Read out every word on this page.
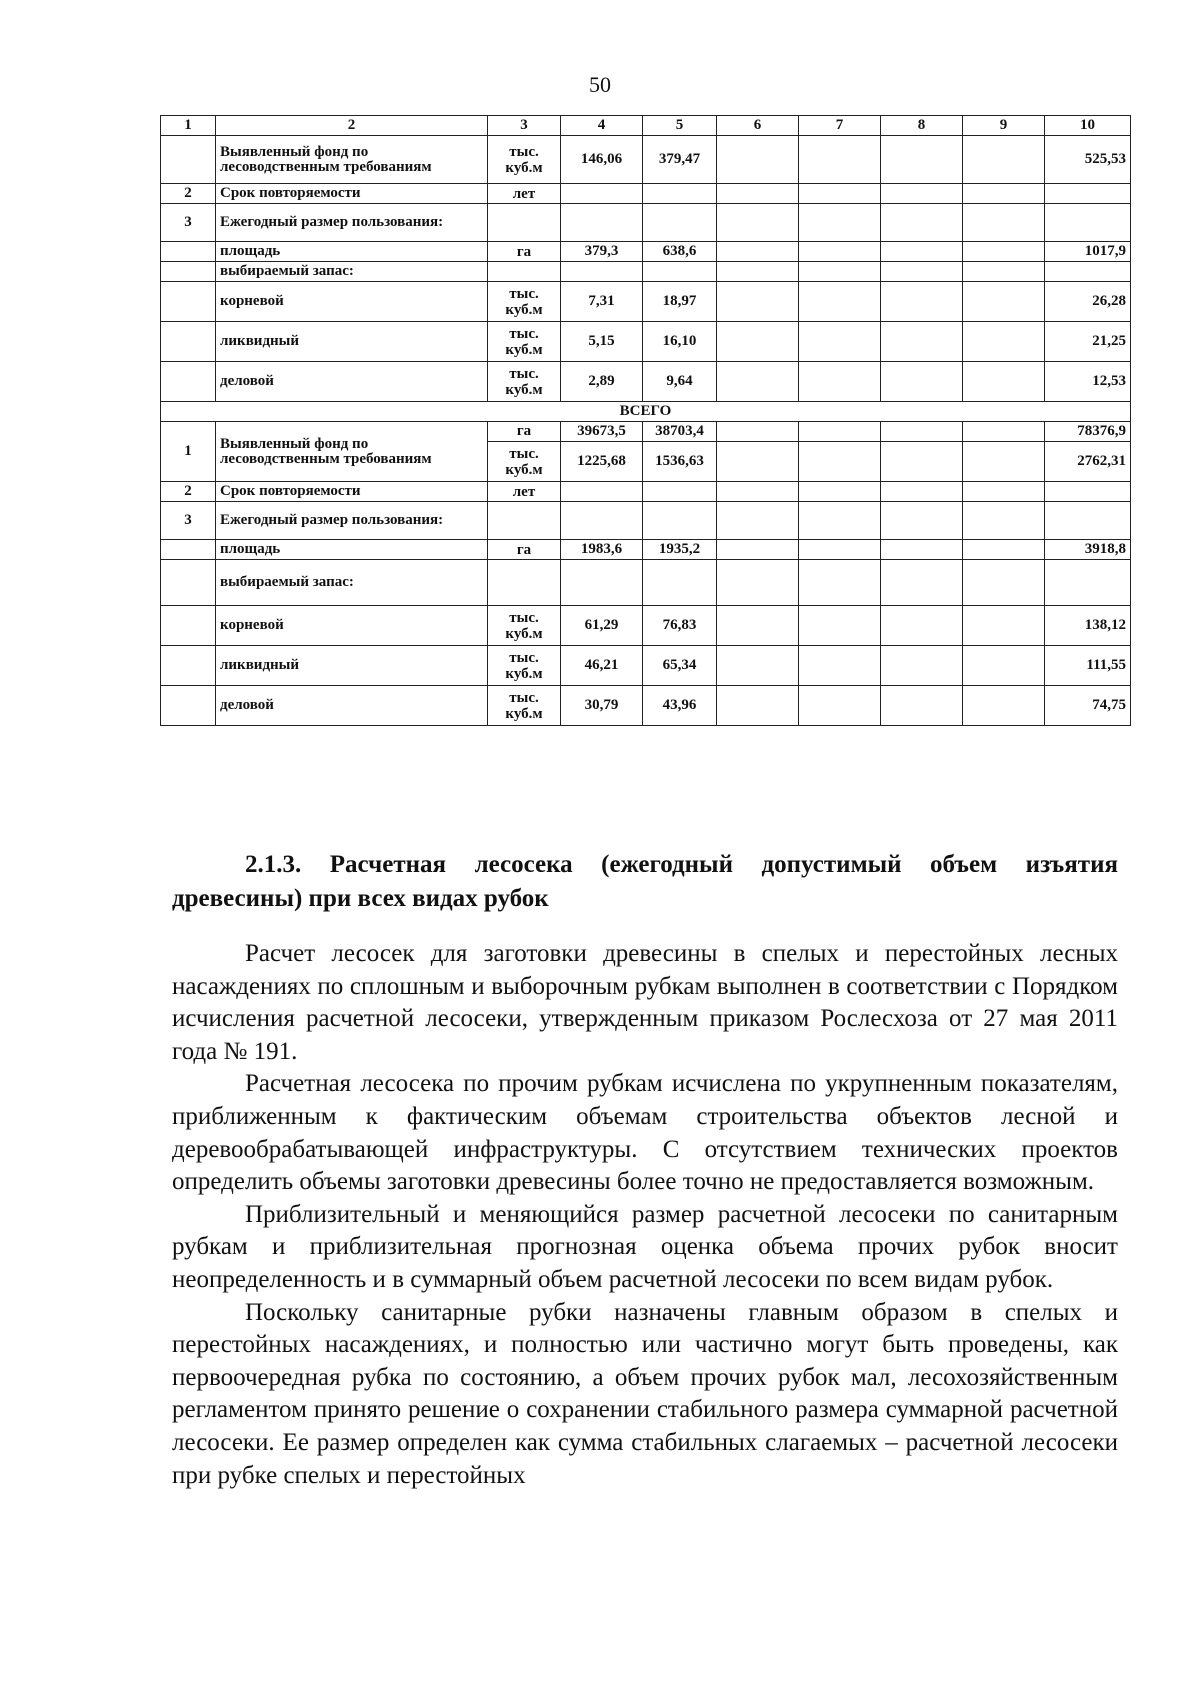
50
1	2	3	4	5	6	7	8	9	10
	Выявленный фонд по лесоводственным требованиям	тыс. куб.м	146,06	379,47					525,53
2	Срок повторяемости	лет							
3	Ежегодный размер пользования:								
	площадь	га	379,3	638,6					1017,9
	выбираемый запас:								
	корневой	тыс. куб.м	7,31	18,97					26,28
	ликвидный	тыс. куб.м	5,15	16,10					21,25
	деловой	тыс. куб.м	2,89	9,64					12,53
ВСЕГО									
1	Выявленный фонд по лесоводственным требованиям	га	39673,5	38703,4					78376,9
		тыс. куб.м	1225,68	1536,63					2762,31
2	Срок повторяемости	лет							
3	Ежегодный размер пользования:								
	площадь	га	1983,6	1935,2					3918,8
	выбираемый запас:								
	корневой	тыс. куб.м	61,29	76,83					138,12
	ликвидный	тыс. куб.м	46,21	65,34					111,55
	деловой	тыс. куб.м	30,79	43,96					74,75
2.1.3. Расчетная лесосека (ежегодный допустимый объем изъятия древесины) при всех видах рубок

Расчет лесосек для заготовки древесины в спелых и перестойных лесных насаждениях по сплошным и выборочным рубкам выполнен в соответствии с Порядком исчисления расчетной лесосеки, утвержденным приказом Рослесхоза от 27 мая 2011 года № 191.

Расчетная лесосека по прочим рубкам исчислена по укрупненным показателям, приближенным к фактическим объемам строительства объектов лесной и деревообрабатывающей инфраструктуры. С отсутствием технических проектов определить объемы заготовки древесины более точно не предоставляется возможным.

Приблизительный и меняющийся размер расчетной лесосеки по санитарным рубкам и приблизительная прогнозная оценка объема прочих рубок вносит неопределенность и в суммарный объем расчетной лесосеки по всем видам рубок.

Поскольку санитарные рубки назначены главным образом в спелых и перестойных насаждениях, и полностью или частично могут быть проведены, как первоочередная рубка по состоянию, а объем прочих рубок мал, лесохозяйственным регламентом принято решение о сохранении стабильного размера суммарной расчетной лесосеки. Ее размер определен как сумма стабильных слагаемых – расчетной лесосеки при рубке спелых и перестойных
